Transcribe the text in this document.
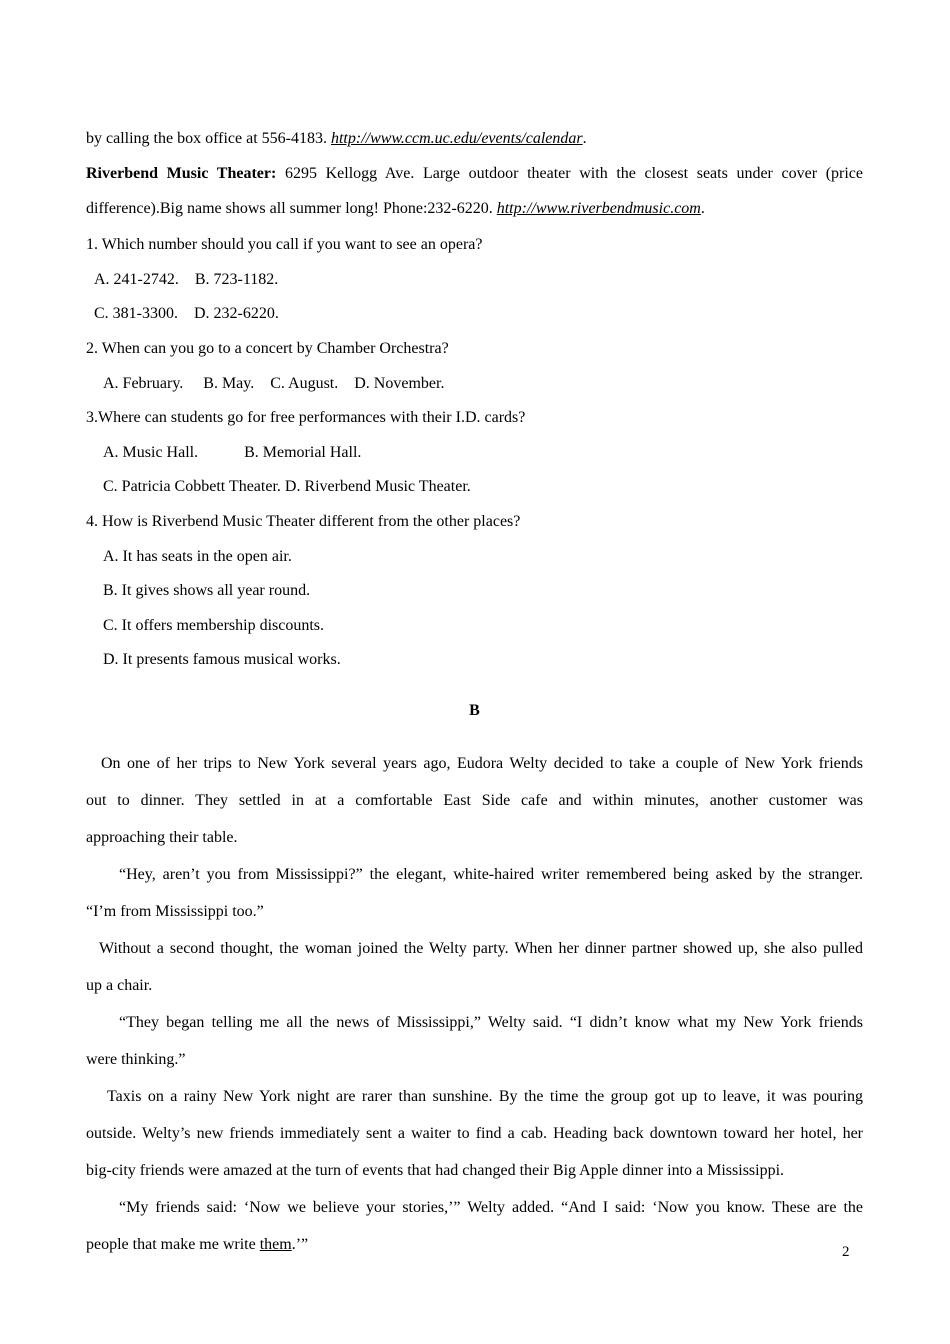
by calling the box office at 556-4183. http://www.ccm.uc.edu/events/calendar.

Riverbend Music Theater: 6295 Kellogg Ave. Large outdoor theater with the closest seats under cover (price

difference).Big name shows all summer long! Phone:232-6220. http://www.riverbendmusic.com.

1. Which number should you call if you want to see an opera?

A. 241-2742.    B. 723-1182.

C. 381-3300.    D. 232-6220.

2. When can you go to a concert by Chamber Orchestra?

A. February.     B. May.    C. August.    D. November.

3.Where can students go for free performances with their I.D. cards?

A. Music Hall.	B. Memorial Hall.

C. Patricia Cobbett Theater. D. Riverbend Music Theater.

4. How is Riverbend Music Theater different from the other places?

A. It has seats in the open air.

B. It gives shows all year round.

C. It offers membership discounts.

D. It presents famous musical works.

B

On one of her trips to New York several years ago, Eudora Welty decided to take a couple of New York friends

out to dinner. They settled in at a comfortable East Side cafe and within minutes, another customer was

approaching their table.

“Hey, aren’t you from Mississippi?” the elegant, white-haired writer remembered being asked by the stranger.

“I’m from Mississippi too.”

Without a second thought, the woman joined the Welty party. When her dinner partner showed up, she also pulled

up a chair.

“They began telling me all the news of Mississippi,” Welty said. “I didn’t know what my New York friends

were thinking.”

Taxis on a rainy New York night are rarer than sunshine. By the time the group got up to leave, it was pouring

outside. Welty’s new friends immediately sent a waiter to find a cab. Heading back downtown toward her hotel, her

big-city friends were amazed at the turn of events that had changed their Big Apple dinner into a Mississippi.

“My friends said: ‘Now we believe your stories,’” Welty added. “And I said: ‘Now you know. These are the

people that make me write them.’”	2
